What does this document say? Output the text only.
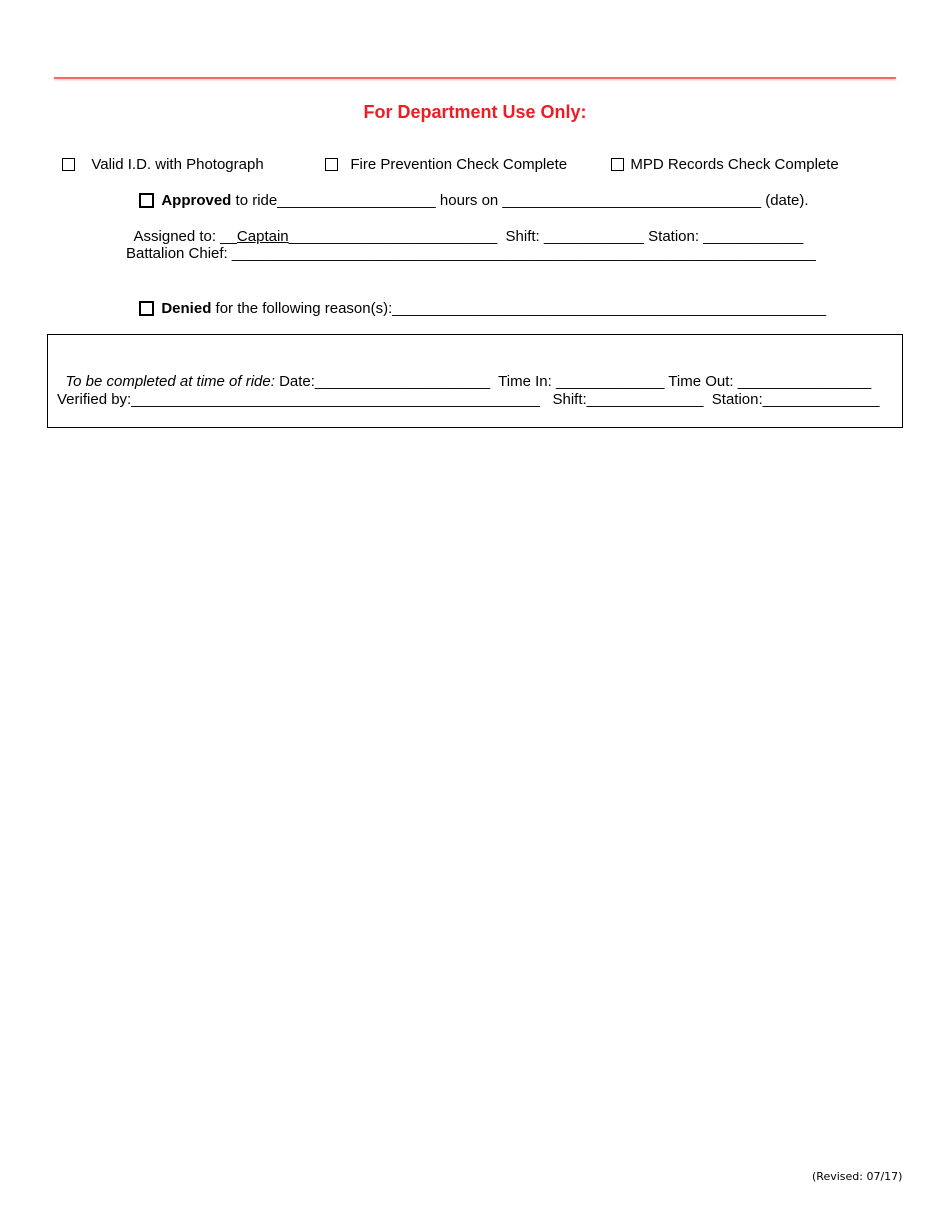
For Department Use Only:

Valid I.D. with Photograph	Fire Prevention Check Complete	MPD Records Check Complete

Approved to ride___________________ hours on _______________________________ (date).

Assigned to: __Captain_________________________  Shift: ____________ Station: ____________

Battalion Chief: ______________________________________________________________________

Denied for the following reason(s):____________________________________________________

To be completed at time of ride: Date:_____________________  Time In: _____________ Time Out: ________________

Verified by:_________________________________________________   Shift:______________  Station:______________
(Revised: 07/17)
